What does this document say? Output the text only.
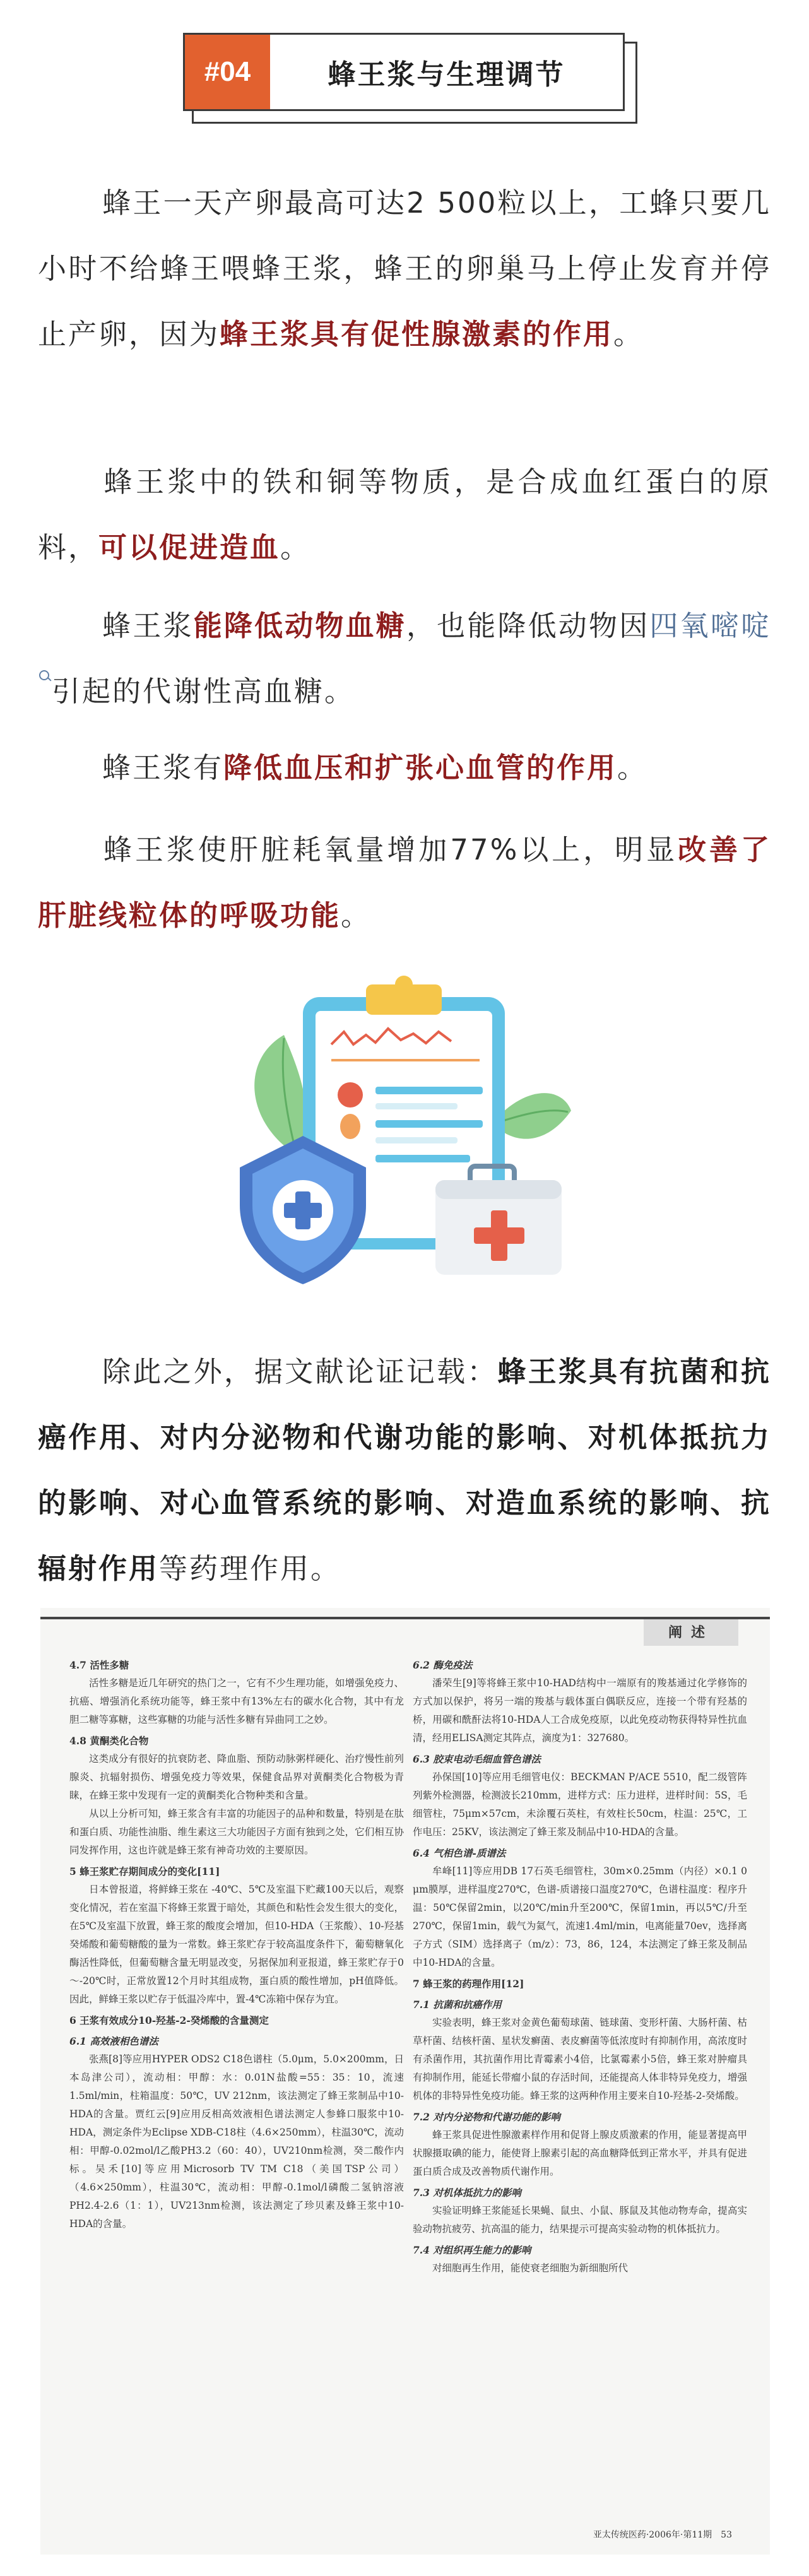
#04	蜂王浆与生理调节
蜂王一天产卵最高可达2 500粒以上，工蜂只要几小时不给蜂王喂蜂王浆，蜂王的卵巢马上停止发育并停止产卵，因为蜂王浆具有促性腺激素的作用。
蜂王浆中的铁和铜等物质，是合成血红蛋白的原料，可以促进造血。
蜂王浆能降低动物血糖，也能降低动物因四氧嘧啶引起的代谢性高血糖。
蜂王浆有降低血压和扩张心血管的作用。
蜂王浆使肝脏耗氧量增加77%以上，明显改善了肝脏线粒体的呼吸功能。
除此之外，据文献论证记载：蜂王浆具有抗菌和抗癌作用、对内分泌物和代谢功能的影响、对机体抵抗力的影响、对心血管系统的影响、对造血系统的影响、抗辐射作用等药理作用。
阐述

4.7 活性多糖

活性多糖是近几年研究的热门之一，它有不少生理功能，如增强免疫力、抗癌、增强消化系统功能等，蜂王浆中有13%左右的碳水化合物，其中有龙胆二糖等寡糖，这些寡糖的功能与活性多糖有异曲同工之妙。

4.8 黄酮类化合物

这类成分有很好的抗衰防老、降血脂、预防动脉粥样硬化、治疗慢性前列腺炎、抗辐射损伤、增强免疫力等效果，保健食品界对黄酮类化合物极为青睐，在蜂王浆中发现有一定的黄酮类化合物种类和含量。

从以上分析可知，蜂王浆含有丰富的功能因子的品种和数量，特别是在肽和蛋白质、功能性油脂、维生素这三大功能因子方面有独到之处，它们相互协同发挥作用，这也许就是蜂王浆有神奇功效的主要原因。

5 蜂王浆贮存期间成分的变化[11]

日本曾报道，将鲜蜂王浆在 -40℃、5℃及室温下贮藏100天以后，观察变化情况，若在室温下将蜂王浆置于暗处，其颜色和粘性会发生很大的变化，在5℃及室温下放置，蜂王浆的酸度会增加，但10-HDA（王浆酸）、10-羟基癸烯酸和葡萄糖酸的量为一常数。蜂王浆贮存于较高温度条件下，葡萄糖氧化酶活性降低，但葡萄糖含量无明显改变，另据保加利亚报道，蜂王浆贮存于0～-20℃时，正常放置12个月时其组成物，蛋白质的酸性增加，pH值降低。因此，鲜蜂王浆以贮存于低温冷库中，置-4℃冻箱中保存为宜。

6 王浆有效成分10-羟基-2-癸烯酸的含量测定

6.1 高效液相色谱法

张燕[8]等应用HYPER ODS2 C18色谱柱（5.0μm，5.0×200mm，日本岛津公司），流动相：甲醇：水：0.01N盐酸=55：35：10，流速1.5ml/min，柱箱温度：50℃，UV 212nm，该法测定了蜂王浆制品中10-HDA的含量。贾红云[9]应用反相高效液相色谱法测定人参蜂口服浆中10-HDA，测定条件为Eclipse XDB-C18柱（4.6×250mm），柱温30℃，流动相：甲醇-0.02mol/l乙酸PH3.2（60：40），UV210nm检测，癸二酸作内标。吴禾[10]等应用Microsorb TV TM C18（美国TSP公司）（4.6×250mm），柱温30℃，流动相：甲醇-0.1mol/l磷酸二氢钠溶液PH2.4-2.6（1：1），UV213nm检测，该法测定了珍贝素及蜂王浆中10-HDA的含量。

6.2 酶免疫法

潘荣生[9]等将蜂王浆中10-HAD结构中一端原有的羧基通过化学修饰的方式加以保护，将另一端的羧基与载体蛋白偶联反应，连接一个带有羟基的桥，用碳和酰酐法将10-HDA人工合成免疫原，以此免疫动物获得特异性抗血清，经用ELISA测定其阵点，滴度为1：327680。

6.3 胶束电动毛细血管色谱法

孙保国[10]等应用毛细管电仪：BECKMAN P/ACE 5510，配二级管阵列紫外检测器，检测波长210mm，进样方式：压力进样，进样时间：5S，毛细管柱，75μm×57cm，未涂覆石英柱，有效柱长50cm，柱温：25℃，工作电压：25KV，该法测定了蜂王浆及制品中10-HDA的含量。

6.4 气相色谱-质谱法

牟峰[11]等应用DB 17石英毛细管柱，30m×0.25mm（内径）×0.1 0 μm膜厚，进样温度270℃，色谱-质谱接口温度270℃，色谱柱温度：程序升温：50℃保留2min，以20℃/min升至200℃，保留1min，再以5℃/升至270℃，保留1min，载气为氦气，流速1.4ml/min，电离能量70ev，选择离子方式（SIM）选择离子（m/z）：73，86，124，本法测定了蜂王浆及制品中10-HDA的含量。

7 蜂王浆的药理作用[12]

7.1 抗菌和抗癌作用

实验表明，蜂王浆对金黄色葡萄球菌、链球菌、变形杆菌、大肠杆菌、枯草杆菌、结核杆菌、星状发癣菌、表皮癣菌等低浓度时有抑制作用，高浓度时有杀菌作用，其抗菌作用比青霉素小4倍，比氯霉素小5倍，蜂王浆对肿瘤具有抑制作用，能延长带瘤小鼠的存活时间，还能提高人体非特异免疫力，增强机体的非特异性免疫功能。蜂王浆的这两种作用主要来自10-羟基-2-癸烯酸。

7.2 对内分泌物和代谢功能的影响

蜂王浆具促进性腺激素样作用和促肾上腺皮质激素的作用，能显著提高甲状腺摄取碘的能力，能使肾上腺素引起的高血糖降低到正常水平，并具有促进蛋白质合成及改善物质代谢作用。

7.3 对机体抵抗力的影响

实验证明蜂王浆能延长果蝇、鼠虫、小鼠、豚鼠及其他动物寿命，提高实验动物抗疲劳、抗高温的能力，结果提示可提高实验动物的机体抵抗力。

7.4 对组织再生能力的影响

对细胞再生作用，能使衰老细胞为新细胞所代

亚太传统医药·2006年·第11期　53
